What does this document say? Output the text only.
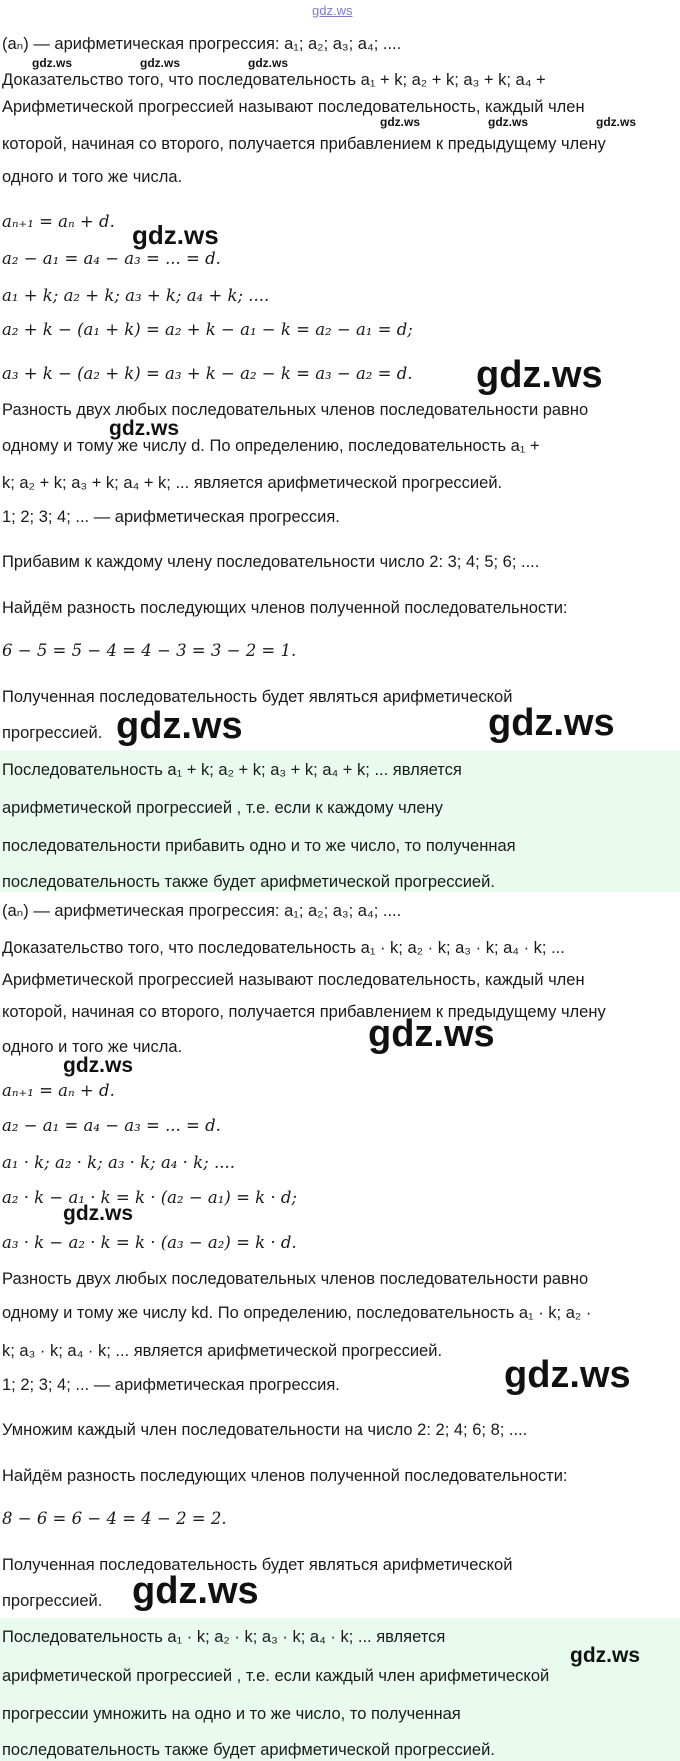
(aₙ) — арифметическая прогрессия: a₁; a₂; a₃; a₄; ....
Доказательство того, что последовательность a₁ + k; a₂ + k; a₃ + k; a₄ +
Арифметической прогрессией называют последовательность, каждый член
которой, начиная со второго, получается прибавлением к предыдущему члену
одного и того же числа.
aₙ₊₁ = aₙ + d.
a₂ − a₁ = a₄ − a₃ = ... = d.
a₁ + k; a₂ + k; a₃ + k; a₄ + k; ....
a₂ + k − (a₁ + k) = a₂ + k − a₁ − k = a₂ − a₁ = d;
a₃ + k − (a₂ + k) = a₃ + k − a₂ − k = a₃ − a₂ = d.
Разность двух любых последовательных членов последовательности равно
одному и тому же числу d. По определению, последовательность a₁ +
k; a₂ + k; a₃ + k; a₄ + k; ... является арифметической прогрессией.
1; 2; 3; 4; ... — арифметическая прогрессия.
Прибавим к каждому члену последовательности число 2: 3; 4; 5; 6; ....
Найдём разность последующих членов полученной последовательности:
6 − 5 = 5 − 4 = 4 − 3 = 3 − 2 = 1.
Полученная последовательность будет являться арифметической
прогрессией.
Последовательность a₁ + k; a₂ + k; a₃ + k; a₄ + k; ... является
арифметической прогрессией , т.е. если к каждому члену
последовательности прибавить одно и то же число, то полученная
последовательность также будет арифметической прогрессией.
(aₙ) — арифметическая прогрессия: a₁; a₂; a₃; a₄; ....
Доказательство того, что последовательность a₁ · k; a₂ · k; a₃ · k; a₄ · k; ...
Арифметической прогрессией называют последовательность, каждый член
которой, начиная со второго, получается прибавлением к предыдущему члену
одного и того же числа.
aₙ₊₁ = aₙ + d.
a₂ − a₁ = a₄ − a₃ = ... = d.
a₁ · k; a₂ · k; a₃ · k; a₄ · k; ....
a₂ · k − a₁ · k = k · (a₂ − a₁) = k · d;
a₃ · k − a₂ · k = k · (a₃ − a₂) = k · d.
Разность двух любых последовательных членов последовательности равно
одному и тому же числу kd. По определению, последовательность a₁ · k; a₂ ·
k; a₃ · k; a₄ · k; ... является арифметической прогрессией.
1; 2; 3; 4; ... — арифметическая прогрессия.
Умножим каждый член последовательности на число 2: 2; 4; 6; 8; ....
Найдём разность последующих членов полученной последовательности:
8 − 6 = 6 − 4 = 4 − 2 = 2.
Полученная последовательность будет являться арифметической
прогрессией.
Последовательность a₁ · k; a₂ · k; a₃ · k; a₄ · k; ... является
арифметической прогрессией , т.е. если каждый член арифметической
прогрессии умножить на одно и то же число, то полученная
последовательность также будет арифметической прогрессией.
gdz.ws
gdz.ws	gdz.ws	gdz.ws
gdz.ws	gdz.ws	gdz.ws
gdz.ws
gdz.ws
gdz.ws
gdz.ws	gdz.ws
gdz.ws
gdz.ws
gdz.ws
gdz.ws
gdz.ws
gdz.ws
